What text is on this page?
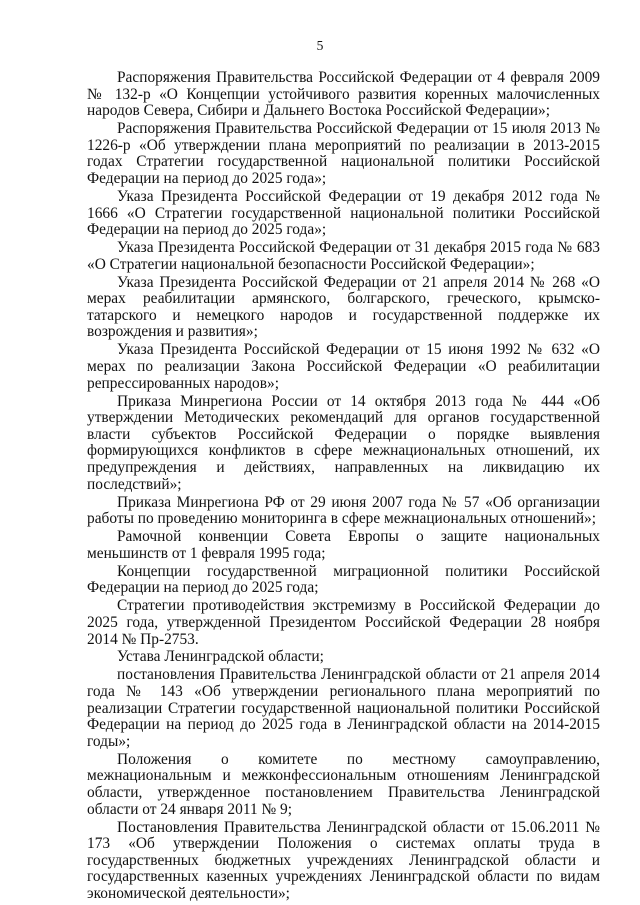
5

Распоряжения Правительства Российской Федерации от 4 февраля 2009 № 132-р «О Концепции устойчивого развития коренных малочисленных народов Севера, Сибири и Дальнего Востока Российской Федерации»;

Распоряжения Правительства Российской Федерации от 15 июля 2013 № 1226-р «Об утверждении плана мероприятий по реализации в 2013-2015 годах Стратегии государственной национальной политики Российской Федерации на период до 2025 года»;

Указа Президента Российской Федерации от 19 декабря 2012 года № 1666 «О Стратегии государственной национальной политики Российской Федерации на период до 2025 года»;

Указа Президента Российской Федерации от 31 декабря 2015 года № 683 «О Стратегии национальной безопасности Российской Федерации»;

Указа Президента Российской Федерации от 21 апреля 2014 № 268 «О мерах реабилитации армянского, болгарского, греческого, крымско-татарского и немецкого народов и государственной поддержке их возрождения и развития»;

Указа Президента Российской Федерации от 15 июня 1992 № 632 «О мерах по реализации Закона Российской Федерации «О реабилитации репрессированных народов»;

Приказа Минрегиона России от 14 октября 2013 года № 444 «Об утверждении Методических рекомендаций для органов государственной власти субъектов Российской Федерации о порядке выявления формирующихся конфликтов в сфере межнациональных отношений, их предупреждения и действиях, направленных на ликвидацию их последствий»;

Приказа Минрегиона РФ от 29 июня 2007 года № 57 «Об организации работы по проведению мониторинга в сфере межнациональных отношений»;

Рамочной конвенции Совета Европы о защите национальных меньшинств от 1 февраля 1995 года;

Концепции государственной миграционной политики Российской Федерации на период до 2025 года;

Стратегии противодействия экстремизму в Российской Федерации до 2025 года, утвержденной Президентом Российской Федерации 28 ноября 2014 № Пр-2753.

Устава Ленинградской области;

постановления Правительства Ленинградской области от 21 апреля 2014 года № 143 «Об утверждении регионального плана мероприятий по реализации Стратегии государственной национальной политики Российской Федерации на период до 2025 года в Ленинградской области на 2014-2015 годы»;

Положения о комитете по местному самоуправлению, межнациональным и межконфессиональным отношениям Ленинградской области, утвержденное постановлением Правительства Ленинградской области от 24 января 2011 № 9;

Постановления Правительства Ленинградской области от 15.06.2011 № 173 «Об утверждении Положения о системах оплаты труда в государственных бюджетных учреждениях Ленинградской области и государственных казенных учреждениях Ленинградской области по видам экономической деятельности»;
